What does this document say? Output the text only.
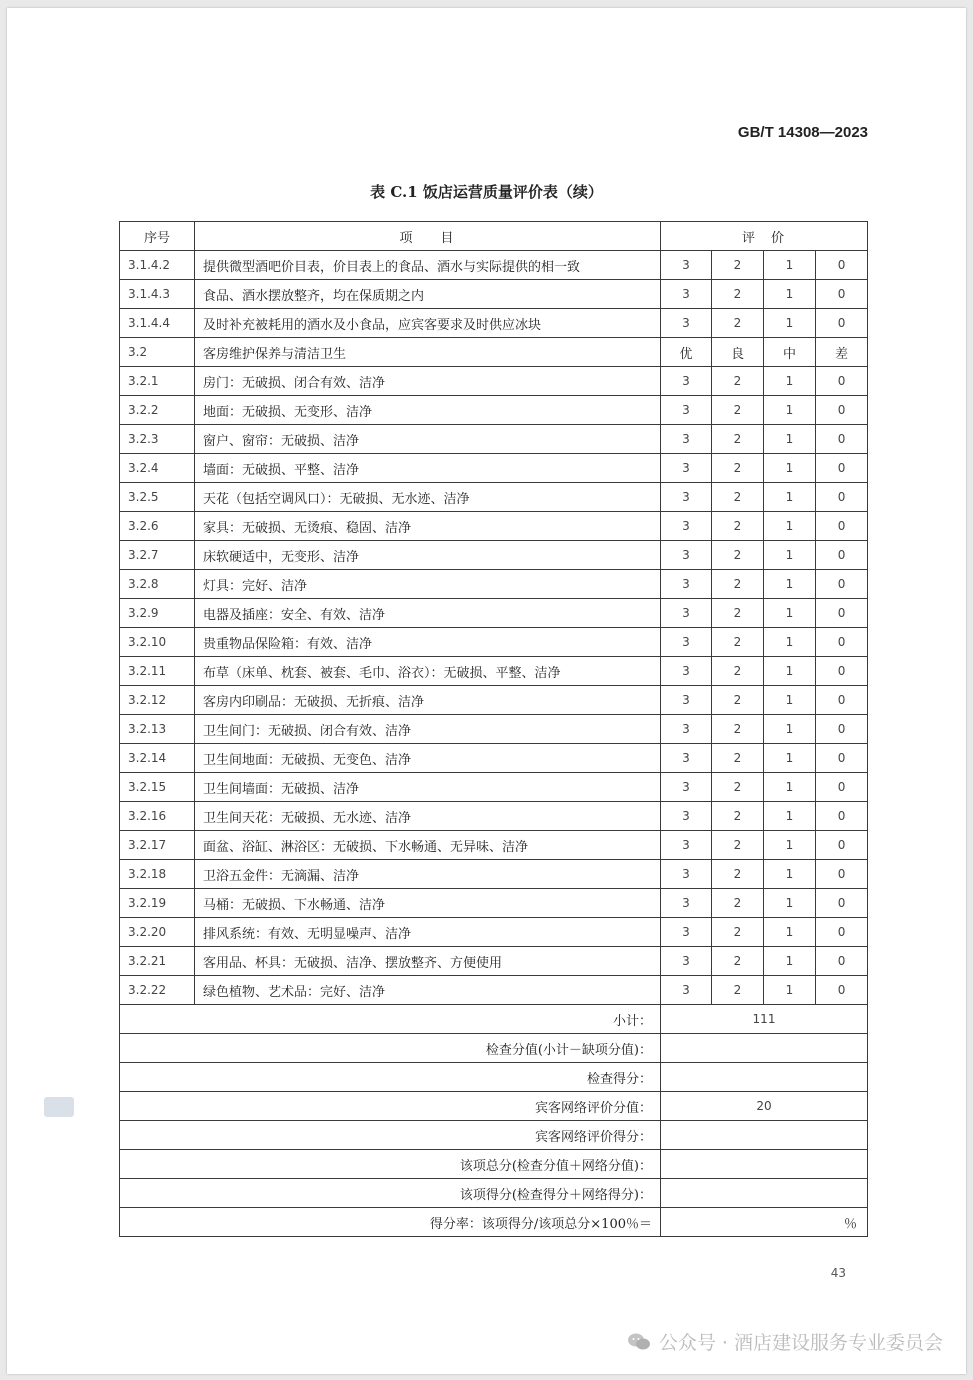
GB/T 14308—2023
表 C.1 饭店运营质量评价表（续）
序号	项目	评价			
3.1.4.2	提供微型酒吧价目表，价目表上的食品、酒水与实际提供的相一致	3	2	1	0
3.1.4.3	食品、酒水摆放整齐，均在保质期之内	3	2	1	0
3.1.4.4	及时补充被耗用的酒水及小食品，应宾客要求及时供应冰块	3	2	1	0
3.2	客房维护保养与清洁卫生	优	良	中	差
3.2.1	房门：无破损、闭合有效、洁净	3	2	1	0
3.2.2	地面：无破损、无变形、洁净	3	2	1	0
3.2.3	窗户、窗帘：无破损、洁净	3	2	1	0
3.2.4	墙面：无破损、平整、洁净	3	2	1	0
3.2.5	天花（包括空调风口）：无破损、无水迹、洁净	3	2	1	0
3.2.6	家具：无破损、无烫痕、稳固、洁净	3	2	1	0
3.2.7	床软硬适中，无变形、洁净	3	2	1	0
3.2.8	灯具：完好、洁净	3	2	1	0
3.2.9	电器及插座：安全、有效、洁净	3	2	1	0
3.2.10	贵重物品保险箱：有效、洁净	3	2	1	0
3.2.11	布草（床单、枕套、被套、毛巾、浴衣）：无破损、平整、洁净	3	2	1	0
3.2.12	客房内印刷品：无破损、无折痕、洁净	3	2	1	0
3.2.13	卫生间门：无破损、闭合有效、洁净	3	2	1	0
3.2.14	卫生间地面：无破损、无变色、洁净	3	2	1	0
3.2.15	卫生间墙面：无破损、洁净	3	2	1	0
3.2.16	卫生间天花：无破损、无水迹、洁净	3	2	1	0
3.2.17	面盆、浴缸、淋浴区：无破损、下水畅通、无异味、洁净	3	2	1	0
3.2.18	卫浴五金件：无滴漏、洁净	3	2	1	0
3.2.19	马桶：无破损、下水畅通、洁净	3	2	1	0
3.2.20	排风系统：有效、无明显噪声、洁净	3	2	1	0
3.2.21	客用品、杯具：无破损、洁净、摆放整齐、方便使用	3	2	1	0
3.2.22	绿色植物、艺术品：完好、洁净	3	2	1	0
小计：		111			
检查分值(小计－缺项分值)：					
检查得分：					
宾客网络评价分值：		20			
宾客网络评价得分：					
该项总分(检查分值＋网络分值)：					
该项得分(检查得分＋网络得分)：					
得分率：该项得分/该项总分×100％＝		％			
43
公众号 · 酒店建设服务专业委员会
